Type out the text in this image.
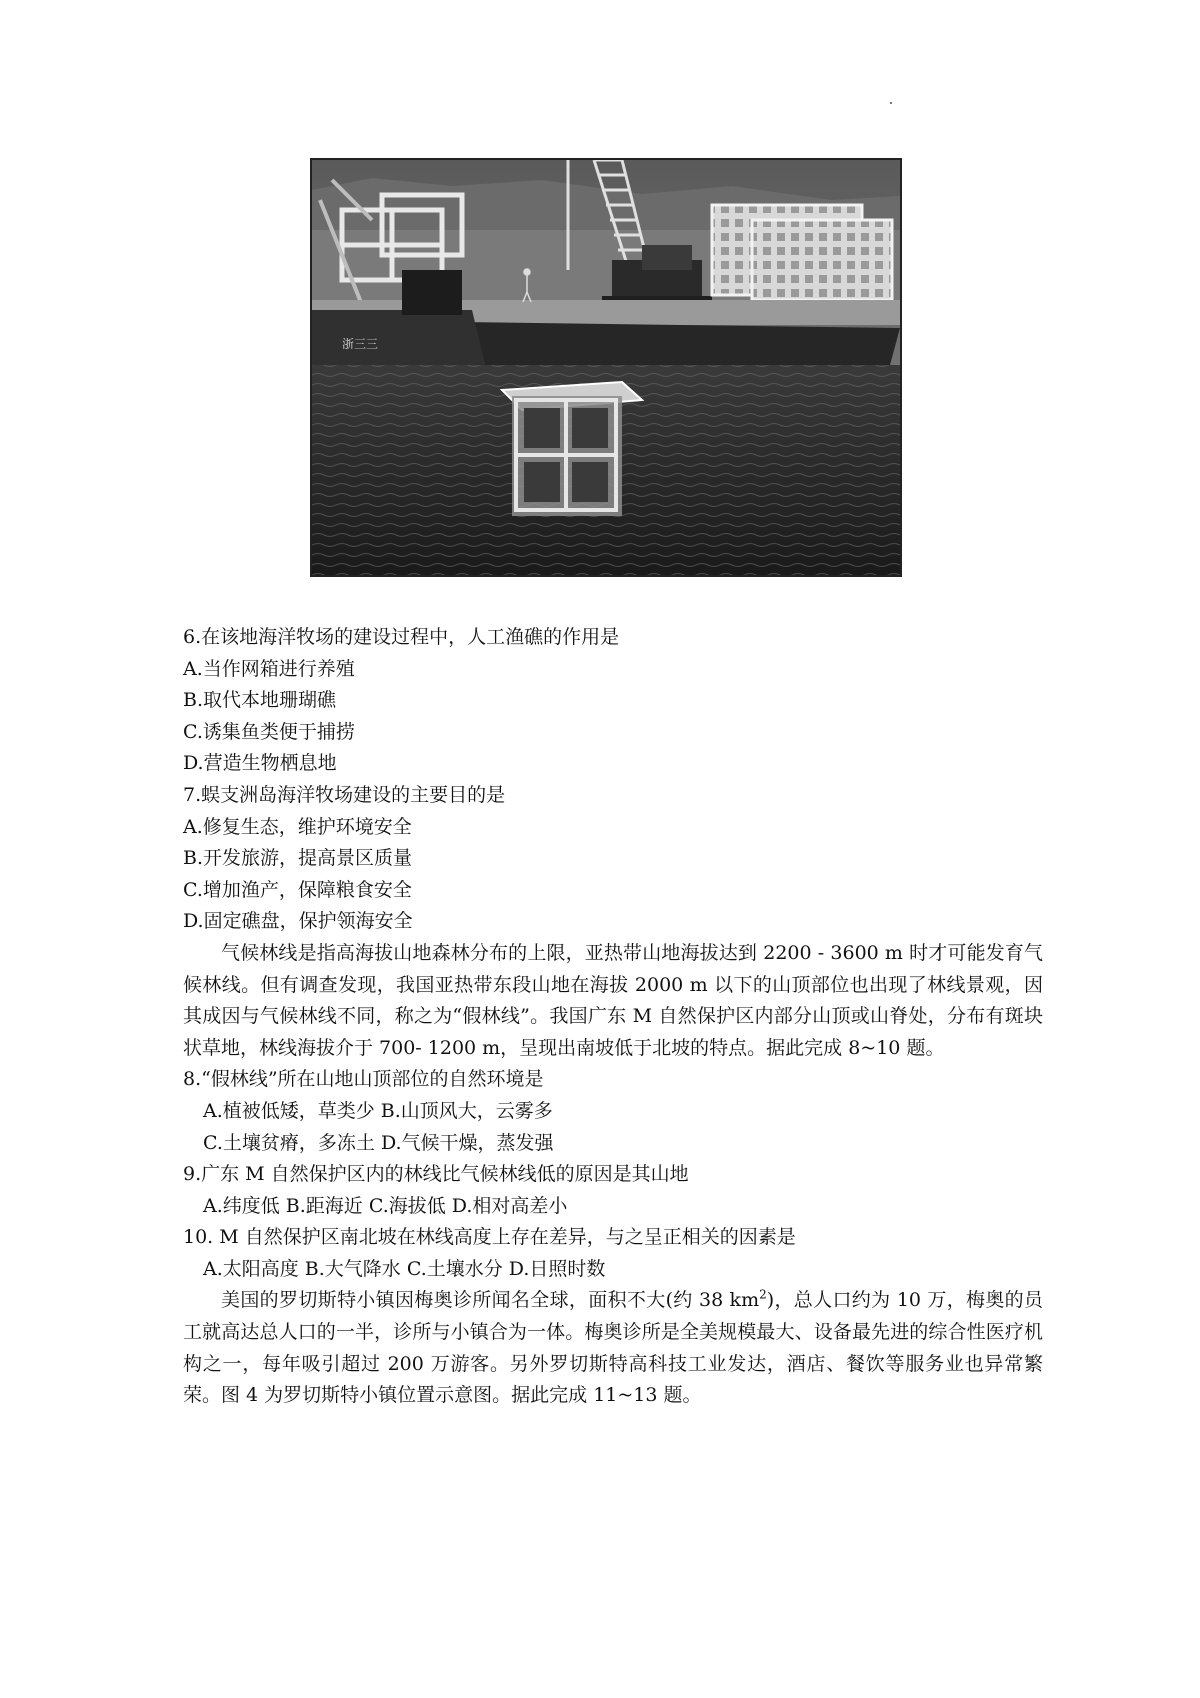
浙三三
6.在该地海洋牧场的建设过程中，人工渔礁的作用是
A.当作网箱进行养殖
B.取代本地珊瑚礁
C.诱集鱼类便于捕捞
D.营造生物栖息地
7.蜈支洲岛海洋牧场建设的主要目的是
A.修复生态，维护环境安全
B.开发旅游，提高景区质量
C.增加渔产，保障粮食安全
D.固定礁盘，保护领海安全
气候林线是指高海拔山地森林分布的上限，亚热带山地海拔达到 2200 - 3600 m 时才可能发育气候林线。但有调查发现，我国亚热带东段山地在海拔 2000 m 以下的山顶部位也出现了林线景观，因其成因与气候林线不同，称之为“假林线”。我国广东 M 自然保护区内部分山顶或山脊处，分布有斑块状草地，林线海拔介于 700- 1200 m，呈现出南坡低于北坡的特点。据此完成 8~10 题。
8.“假林线”所在山地山顶部位的自然环境是
A.植被低矮，草类少 B.山顶风大，云雾多
C.土壤贫瘠，多冻土 D.气候干燥，蒸发强
9.广东 M 自然保护区内的林线比气候林线低的原因是其山地
A.纬度低 B.距海近 C.海拔低 D.相对高差小
10. M 自然保护区南北坡在林线高度上存在差异，与之呈正相关的因素是
A.太阳高度 B.大气降水 C.土壤水分 D.日照时数
美国的罗切斯特小镇因梅奥诊所闻名全球，面积不大(约 38 $km^2$)，总人口约为 10 万，梅奥的员工就高达总人口的一半，诊所与小镇合为一体。梅奥诊所是全美规模最大、设备最先进的综合性医疗机构之一，每年吸引超过 200 万游客。另外罗切斯特高科技工业发达，酒店、餐饮等服务业也异常繁荣。图 4 为罗切斯特小镇位置示意图。据此完成 11~13 题。
